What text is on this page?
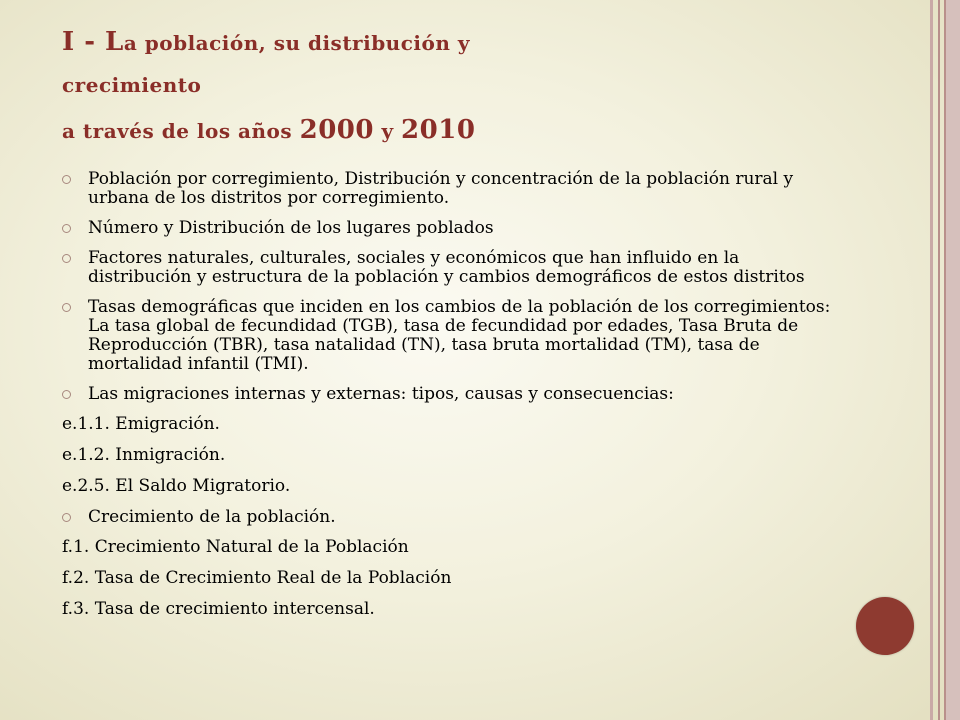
I - La población, su distribución y
crecimiento
a través de los años 2000 y 2010
Población por corregimiento, Distribución y concentración de la población rural y urbana de los distritos por corregimiento.
Número y Distribución de los lugares poblados
Factores naturales, culturales, sociales y económicos que han influido en la distribución y estructura de la población y cambios demográficos de estos distritos
Tasas demográficas que inciden en los cambios de la población de los corregimientos: La tasa global de fecundidad (TGB), tasa de fecundidad por edades, Tasa Bruta de Reproducción (TBR), tasa natalidad (TN), tasa bruta mortalidad (TM), tasa de mortalidad infantil (TMI).
Las migraciones internas y externas: tipos, causas y consecuencias:
e.1.1. Emigración.
e.1.2. Inmigración.
e.2.5. El Saldo Migratorio.
Crecimiento de la población.
f.1. Crecimiento Natural de la Población
f.2. Tasa de Crecimiento Real de la Población
f.3. Tasa de crecimiento intercensal.
